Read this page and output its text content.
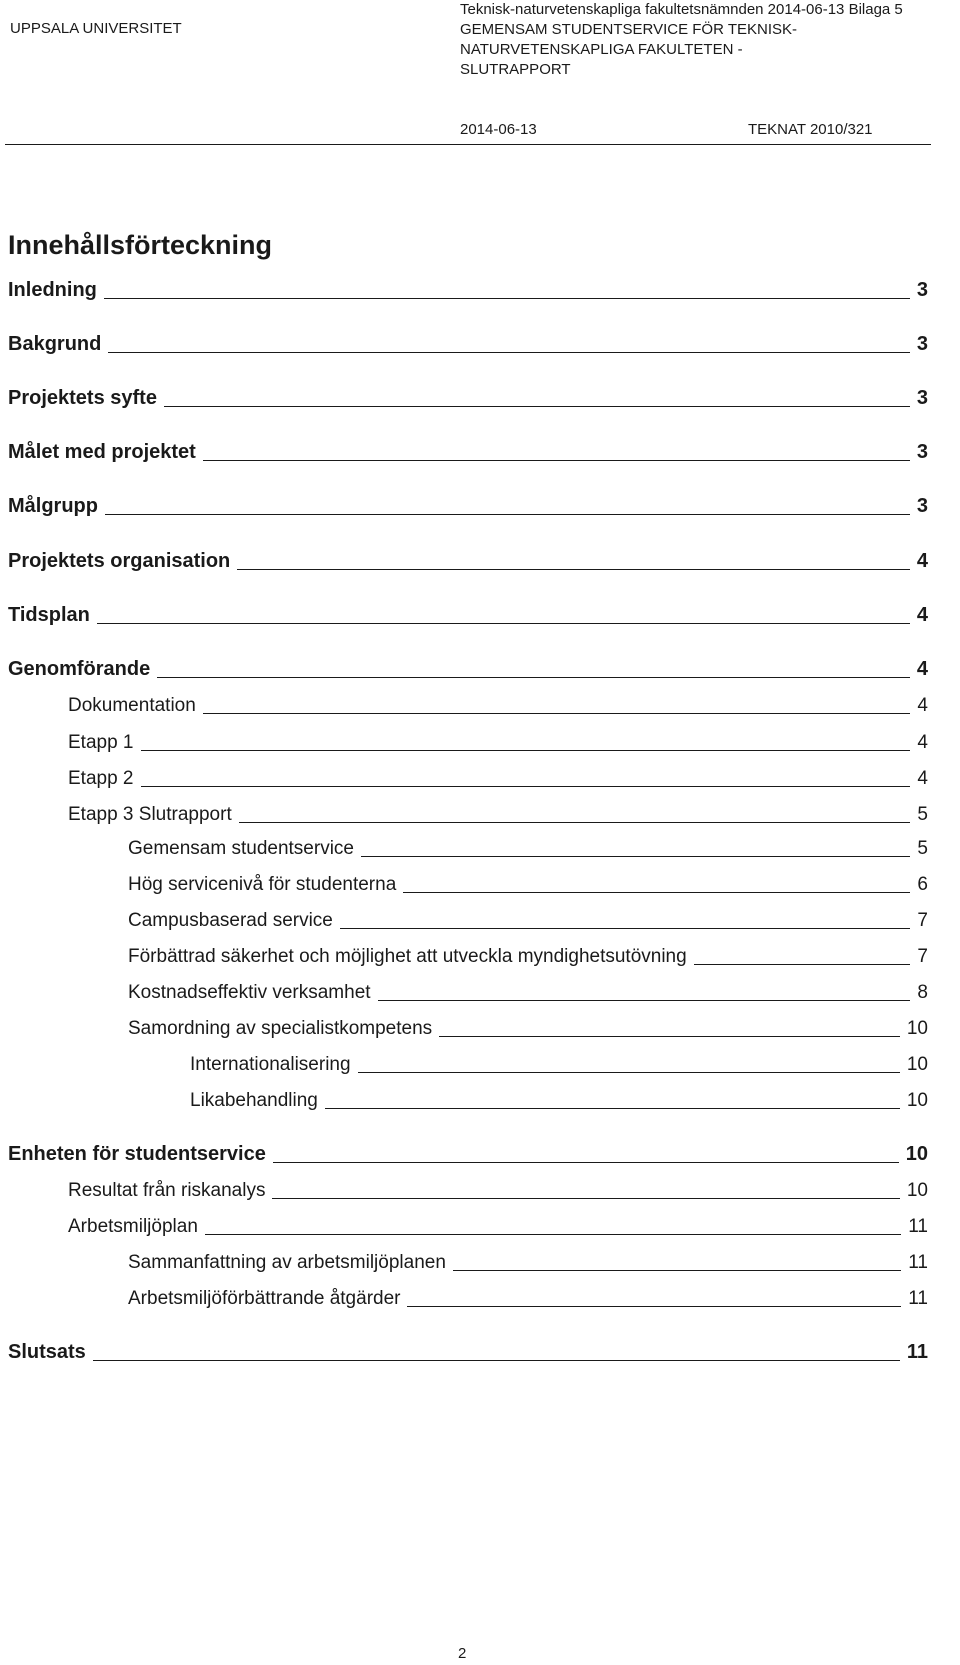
UPPSALA UNIVERSITET
Teknisk-naturvetenskapliga fakultetsnämnden 2014-06-13 Bilaga 5
GEMENSAM STUDENTSERVICE FÖR TEKNISK-
NATURVETENSKAPLIGA FAKULTETEN -
SLUTRAPPORT
2014-06-13	TEKNAT 2010/321
Innehållsförteckning
Inledning	3
Bakgrund	3
Projektets syfte	3
Målet med projektet	3
Målgrupp	3
Projektets organisation	4
Tidsplan	4
Genomförande	4
Dokumentation	4
Etapp 1	4
Etapp 2	4
Etapp 3 Slutrapport	5
Gemensam studentservice	5
Hög servicenivå för studenterna	6
Campusbaserad service	7
Förbättrad säkerhet och möjlighet att utveckla myndighetsutövning	7
Kostnadseffektiv verksamhet	8
Samordning av specialistkompetens	10
Internationalisering	10
Likabehandling	10
Enheten för studentservice	10
Resultat från riskanalys	10
Arbetsmiljöplan	11
Sammanfattning av arbetsmiljöplanen	11
Arbetsmiljöförbättrande åtgärder	11
Slutsats	11
2
